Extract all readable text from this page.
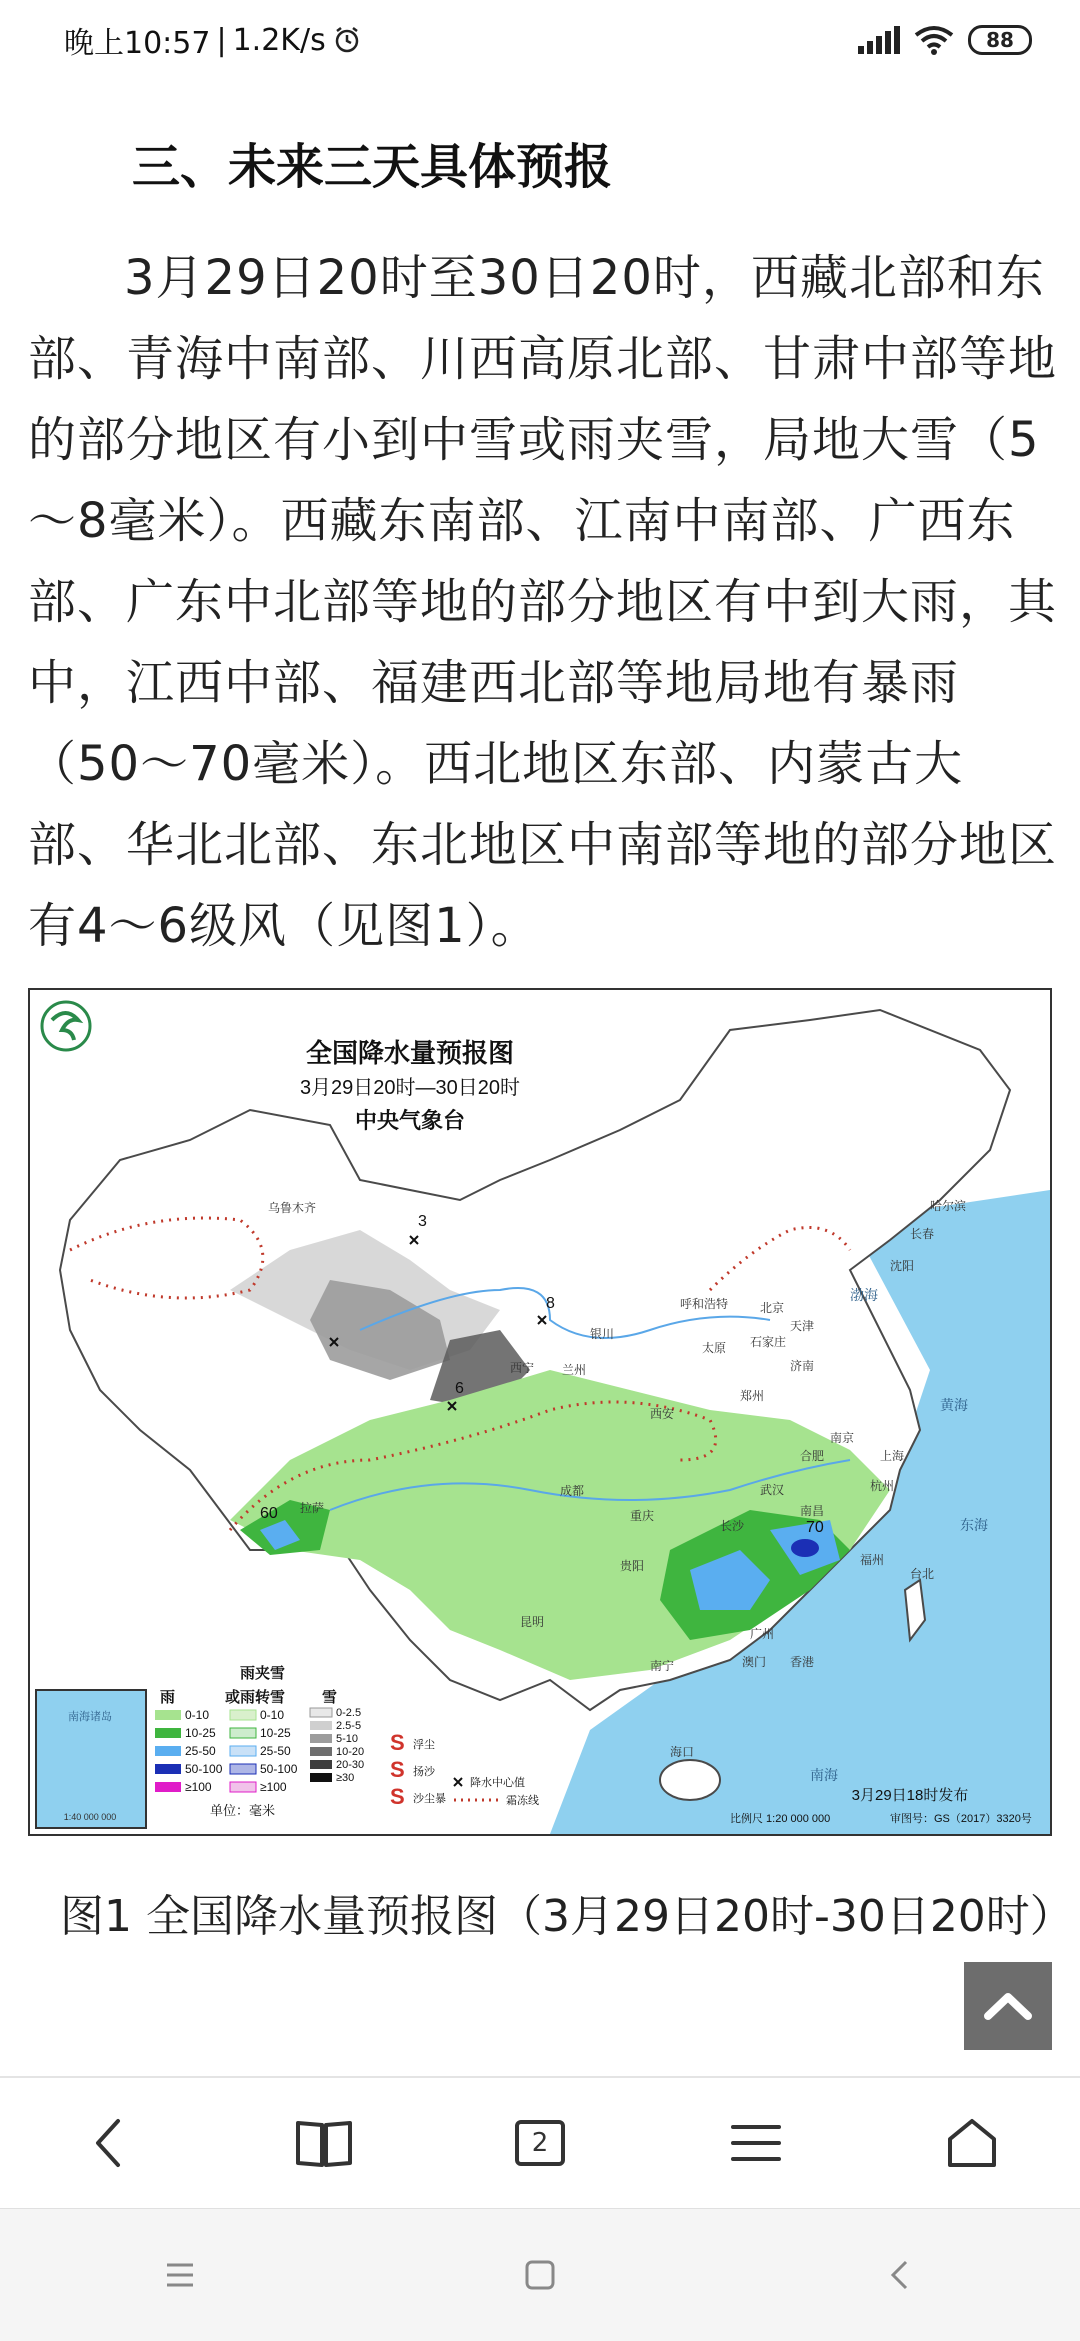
晚上10:57 | 1.2K/s	88
三、未来三天具体预报
3月29日20时至30日20时，西藏北部和东部、青海中南部、川西高原北部、甘肃中部等地的部分地区有小到中雪或雨夹雪，局地大雪（5～8毫米）。西藏东南部、江南中南部、广西东部、广东中北部等地的部分地区有中到大雨，其中，江西中部、福建西北部等地局地有暴雨（50～70毫米）。西北地区东部、内蒙古大部、华北北部、东北地区中南部等地的部分地区有4～6级风（见图1）。
3
8
6
60
70
乌鲁木齐	哈尔滨
长春
沈阳
呼和浩特	北京
天津
石家庄
太原
济南
银川
西宁 兰州
郑州
西安
南京
合肥	上海
杭州
武汉
成都
重庆
长沙
南昌
福州
台北
贵阳
昆明
南宁
广州
香港
澳门
海口
拉萨
渤海
黄海
东海
南海
全国降水量预报图
3月29日20时—30日20时
中央气象台
南海诸岛
1:40 000 000
雨夹雪
雨	或雨转雪 雪
0-10
10-25
25-50
50-100
≥100
0-10
10-25
25-50
50-100
≥100
0-2.5
2.5-5
5-10
10-20
20-30
≥30
单位：毫米
S 浮尘
S 扬沙
S 沙尘暴
降水中心值
霜冻线	3月29日18时发布
比例尺 1:20 000 000	审图号：GS（2017）3320号
图1 全国降水量预报图（3月29日20时-30日20时）
2
